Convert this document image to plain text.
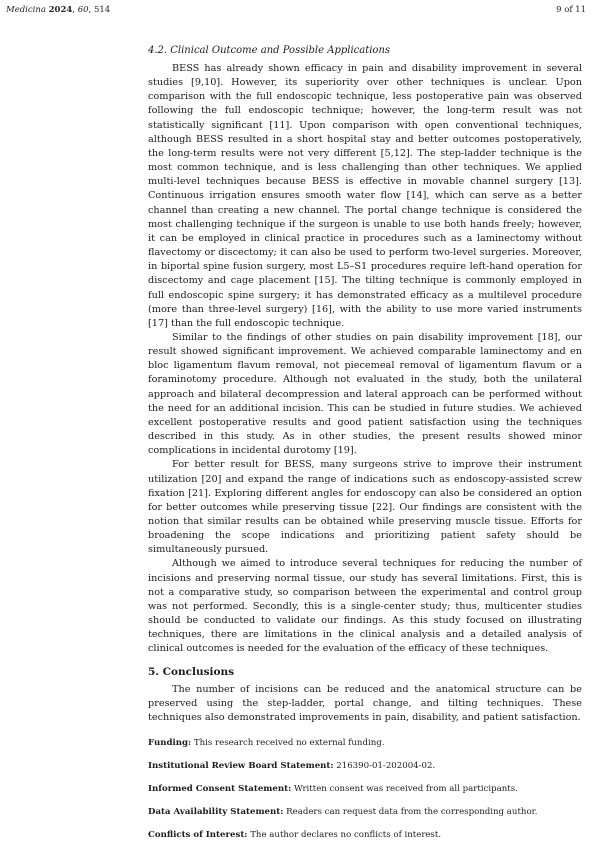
Medicina 2024, 60, 514	9 of 11
4.2. Clinical Outcome and Possible Applications

BESS has already shown efficacy in pain and disability improvement in several studies [9,10]. However, its superiority over other techniques is unclear. Upon comparison with the full endoscopic technique, less postoperative pain was observed following the full endoscopic technique; however, the long-term result was not statistically significant [11]. Upon comparison with open conventional techniques, although BESS resulted in a short hospital stay and better outcomes postoperatively, the long-term results were not very different [5,12]. The step-ladder technique is the most common technique, and is less challenging than other techniques. We applied multi-level techniques because BESS is effective in movable channel surgery [13]. Continuous irrigation ensures smooth water flow [14], which can serve as a better channel than creating a new channel. The portal change technique is considered the most challenging technique if the surgeon is unable to use both hands freely; however, it can be employed in clinical practice in procedures such as a laminectomy without flavectomy or discectomy; it can also be used to perform two-level surgeries. Moreover, in biportal spine fusion surgery, most L5–S1 procedures require left-hand operation for discectomy and cage placement [15]. The tilting technique is commonly employed in full endoscopic spine surgery; it has demonstrated efficacy as a multilevel procedure (more than three-level surgery) [16], with the ability to use more varied instruments [17] than the full endoscopic technique.

Similar to the findings of other studies on pain disability improvement [18], our result showed significant improvement. We achieved comparable laminectomy and en bloc ligamentum flavum removal, not piecemeal removal of ligamentum flavum or a foraminotomy procedure. Although not evaluated in the study, both the unilateral approach and bilateral decompression and lateral approach can be performed without the need for an additional incision. This can be studied in future studies. We achieved excellent postoperative results and good patient satisfaction using the techniques described in this study. As in other studies, the present results showed minor complications in incidental durotomy [19].

For better result for BESS, many surgeons strive to improve their instrument utilization [20] and expand the range of indications such as endoscopy-assisted screw fixation [21]. Exploring different angles for endoscopy can also be considered an option for better outcomes while preserving tissue [22]. Our findings are consistent with the notion that similar results can be obtained while preserving muscle tissue. Efforts for broadening the scope indications and prioritizing patient safety should be simultaneously pursued.

Although we aimed to introduce several techniques for reducing the number of incisions and preserving normal tissue, our study has several limitations. First, this is not a comparative study, so comparison between the experimental and control group was not performed. Secondly, this is a single-center study; thus, multicenter studies should be conducted to validate our findings. As this study focused on illustrating techniques, there are limitations in the clinical analysis and a detailed analysis of clinical outcomes is needed for the evaluation of the efficacy of these techniques.

5. Conclusions

The number of incisions can be reduced and the anatomical structure can be preserved using the step-ladder, portal change, and tilting techniques. These techniques also demonstrated improvements in pain, disability, and patient satisfaction.

Funding: This research received no external funding.

Institutional Review Board Statement: 216390-01-202004-02.

Informed Consent Statement: Written consent was received from all participants.

Data Availability Statement: Readers can request data from the corresponding author.

Conflicts of Interest: The author declares no conflicts of interest.
